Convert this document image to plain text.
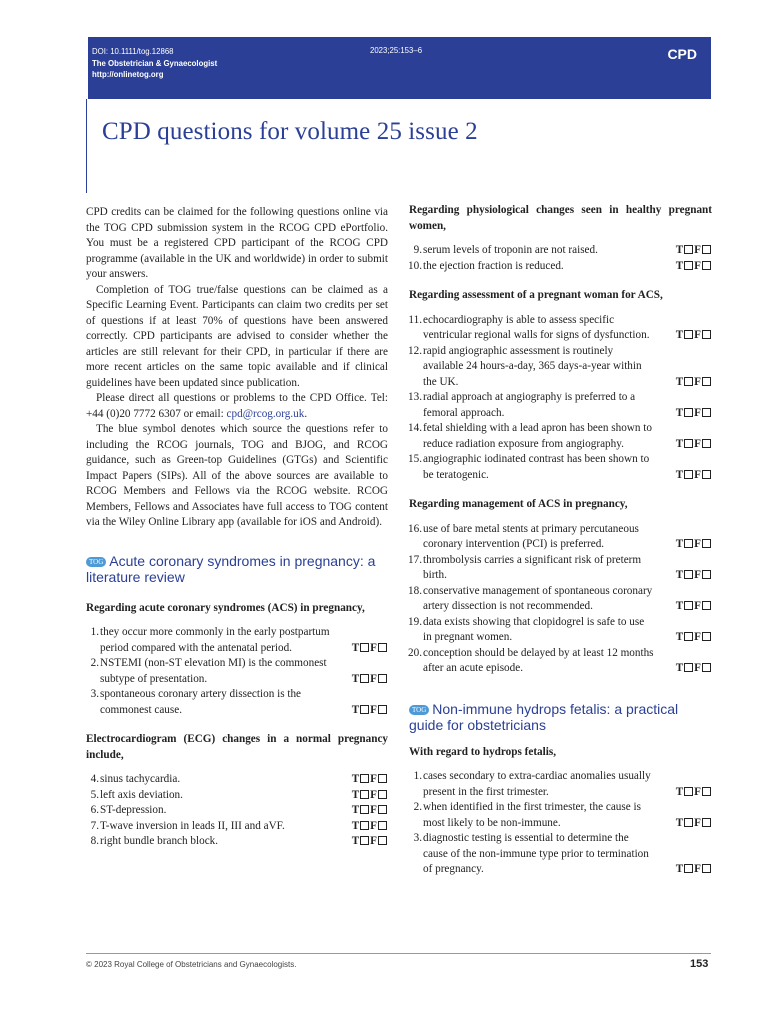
DOI: 10.1111/tog.12868
The Obstetrician & Gynaecologist
http://onlinetog.org
2023;25:153–6	CPD
CPD questions for volume 25 issue 2

CPD credits can be claimed for the following questions online via the TOG CPD submission system in the RCOG CPD ePortfolio. You must be a registered CPD participant of the RCOG CPD programme (available in the UK and worldwide) in order to submit your answers.

Completion of TOG true/false questions can be claimed as a Specific Learning Event. Participants can claim two credits per set of questions if at least 70% of questions have been answered correctly. CPD participants are advised to consider whether the articles are still relevant for their CPD, in particular if there are more recent articles on the same topic available and if clinical guidelines have been updated since publication.

Please direct all questions or problems to the CPD Office. Tel: +44 (0)20 7772 6307 or email: cpd@rcog.org.uk.

The blue symbol denotes which source the questions refer to including the RCOG journals, TOG and BJOG, and RCOG guidance, such as Green-top Guidelines (GTGs) and Scientific Impact Papers (SIPs). All of the above sources are available to RCOG Members and Fellows via the RCOG website. RCOG Members, Fellows and Associates have full access to TOG content via the Wiley Online Library app (available for iOS and Android).

TOG Acute coronary syndromes in pregnancy: a literature review
Regarding acute coronary syndromes (ACS) in pregnancy,
1. they occur more commonly in the early postpartum period compared with the antenatal period.	T F
2. NSTEMI (non-ST elevation MI) is the commonest subtype of presentation.	T F
3. spontaneous coronary artery dissection is the commonest cause.	T F
Electrocardiogram (ECG) changes in a normal pregnancy include,
4. sinus tachycardia.	T F
5. left axis deviation.	T F
6. ST-depression.	T F
7. T-wave inversion in leads II, III and aVF.	T F
8. right bundle branch block.	T F
Regarding physiological changes seen in healthy pregnant women,
9. serum levels of troponin are not raised.	T F
10. the ejection fraction is reduced.	T F
Regarding assessment of a pregnant woman for ACS,
11. echocardiography is able to assess specific ventricular regional walls for signs of dysfunction. T F
12. rapid angiographic assessment is routinely available 24 hours-a-day, 365 days-a-year within the UK.	T F
13. radial approach at angiography is preferred to a femoral approach.	T F
14. fetal shielding with a lead apron has been shown to reduce radiation exposure from angiography.	T F
15. angiographic iodinated contrast has been shown to be teratogenic.	T F
Regarding management of ACS in pregnancy,
16. use of bare metal stents at primary percutaneous coronary intervention (PCI) is preferred.	T F
17. thrombolysis carries a significant risk of preterm birth.	T F
18. conservative management of spontaneous coronary artery dissection is not recommended.	T F
19. data exists showing that clopidogrel is safe to use in pregnant women.	T F
20. conception should be delayed by at least 12 months after an acute episode.	T F
TOG Non-immune hydrops fetalis: a practical guide for obstetricians
With regard to hydrops fetalis,
1. cases secondary to extra-cardiac anomalies usually present in the first trimester.	T F
2. when identified in the first trimester, the cause is most likely to be non-immune.	T F
3. diagnostic testing is essential to determine the cause of the non-immune type prior to termination of pregnancy.	T F
© 2023 Royal College of Obstetricians and Gynaecologists.	153
